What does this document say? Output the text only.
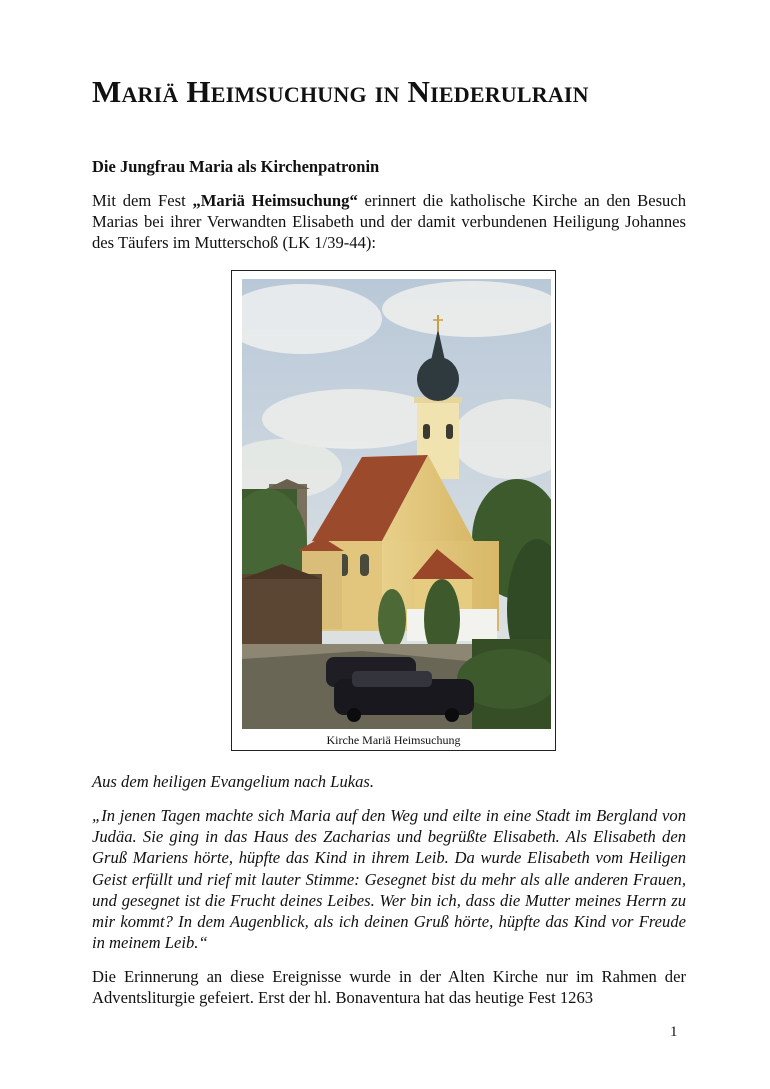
Mariä Heimsuchung in Niederulrain
Die Jungfrau Maria als Kirchenpatronin

Mit dem Fest „Mariä Heimsuchung“ erinnert die katholische Kirche an den Besuch Marias bei ihrer Verwandten Elisabeth und der damit verbundenen Heiligung Johannes des Täufers im Mutterschoß (LK 1/39-44):

Kirche Mariä Heimsuchung

Aus dem heiligen Evangelium nach Lukas.

„In jenen Tagen machte sich Maria auf den Weg und eilte in eine Stadt im Bergland von Judäa. Sie ging in das Haus des Zacharias und begrüßte Elisabeth. Als Elisabeth den Gruß Mariens hörte, hüpfte das Kind in ihrem Leib. Da wurde Elisabeth vom Heiligen Geist erfüllt und rief mit lauter Stimme: Gesegnet bist du mehr als alle anderen Frauen, und gesegnet ist die Frucht deines Leibes. Wer bin ich, dass die Mutter meines Herrn zu mir kommt? In dem Augenblick, als ich deinen Gruß hörte, hüpfte das Kind vor Freude in meinem Leib.“

Die Erinnerung an diese Ereignisse wurde in der Alten Kirche nur im Rahmen der Adventsliturgie gefeiert. Erst der hl. Bonaventura hat das heutige Fest 1263

1
